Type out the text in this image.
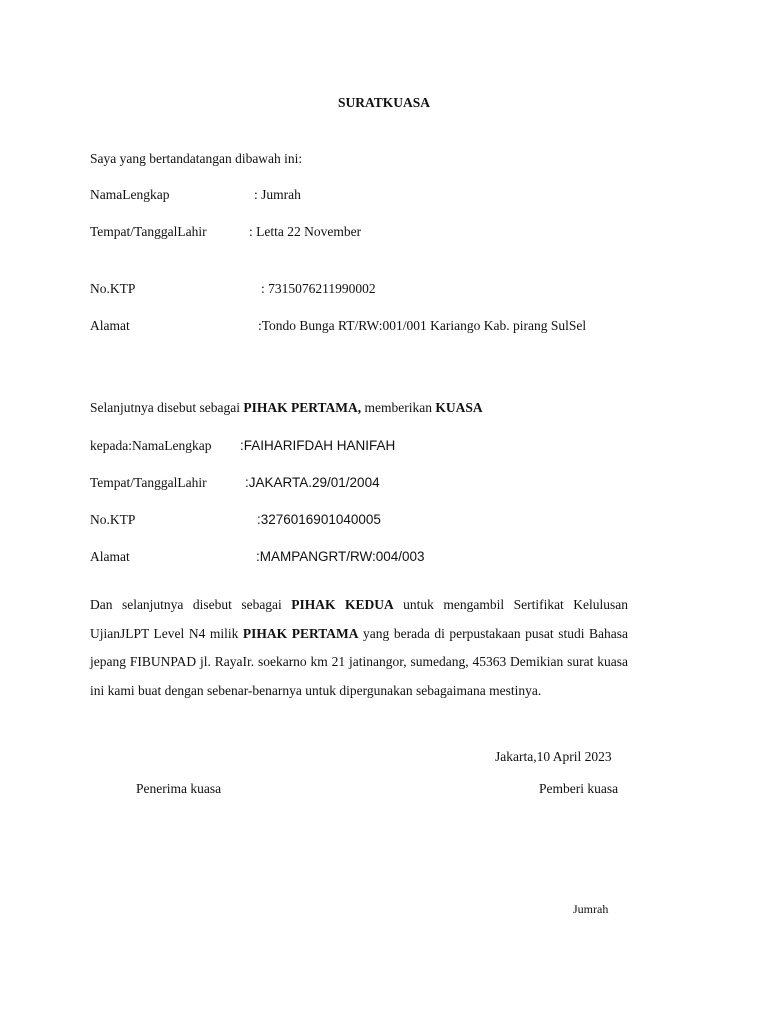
SURATKUASA
Saya yang bertandatangan dibawah ini:
NamaLengkap	: Jumrah
Tempat/TanggalLahir	: Letta 22 November
No.KTP	: 7315076211990002
Alamat	:Tondo Bunga RT/RW:001/001 Kariango Kab. pirang SulSel
Selanjutnya disebut sebagai PIHAK PERTAMA, memberikan KUASA
kepada:NamaLengkap :FAIHARIFDAH HANIFAH
Tempat/TanggalLahir	:JAKARTA.29/01/2004
No.KTP	:3276016901040005
Alamat	:MAMPANGRT/RW:004/003
Dan selanjutnya disebut sebagai PIHAK KEDUA untuk mengambil Sertifikat Kelulusan UjianJLPT Level N4 milik PIHAK PERTAMA yang berada di perpustakaan pusat studi Bahasa jepang FIBUNPAD jl. RayaIr. soekarno km 21 jatinangor, sumedang, 45363 Demikian surat kuasa ini kami buat dengan sebenar-benarnya untuk dipergunakan sebagaimana mestinya.
Jakarta,10 April 2023
Penerima kuasa	Pemberi kuasa
Jumrah
